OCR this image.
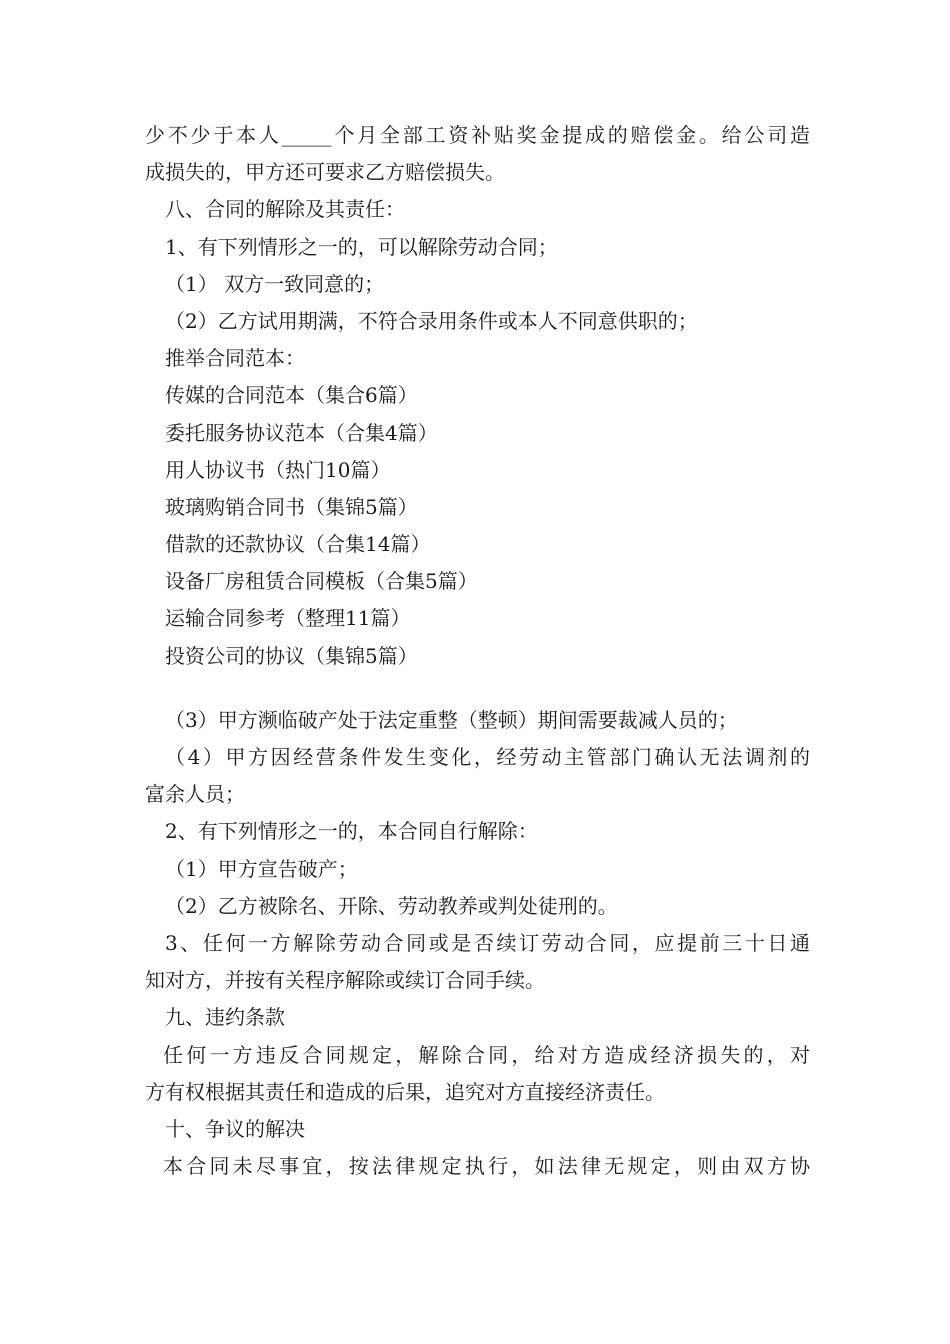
少不少于本人_____个月全部工资补贴奖金提成的赔偿金。给公司造
成损失的，甲方还可要求乙方赔偿损失。
八、合同的解除及其责任：
1、有下列情形之一的，可以解除劳动合同；
（1） 双方一致同意的；
（2）乙方试用期满，不符合录用条件或本人不同意供职的；
推举合同范本：
传媒的合同范本（集合6篇）
委托服务协议范本（合集4篇）
用人协议书（热门10篇）
玻璃购销合同书（集锦5篇）
借款的还款协议（合集14篇）
设备厂房租赁合同模板（合集5篇）
运输合同参考（整理11篇）
投资公司的协议（集锦5篇）
（3）甲方濒临破产处于法定重整（整顿）期间需要裁减人员的；
（4）甲方因经营条件发生变化，经劳动主管部门确认无法调剂的
富余人员；
2、有下列情形之一的，本合同自行解除：
（1）甲方宣告破产；
（2）乙方被除名、开除、劳动教养或判处徒刑的。
3、任何一方解除劳动合同或是否续订劳动合同，应提前三十日通
知对方，并按有关程序解除或续订合同手续。
九、违约条款
任何一方违反合同规定，解除合同，给对方造成经济损失的，对
方有权根据其责任和造成的后果，追究对方直接经济责任。
十、争议的解决
本合同未尽事宜，按法律规定执行，如法律无规定，则由双方协
